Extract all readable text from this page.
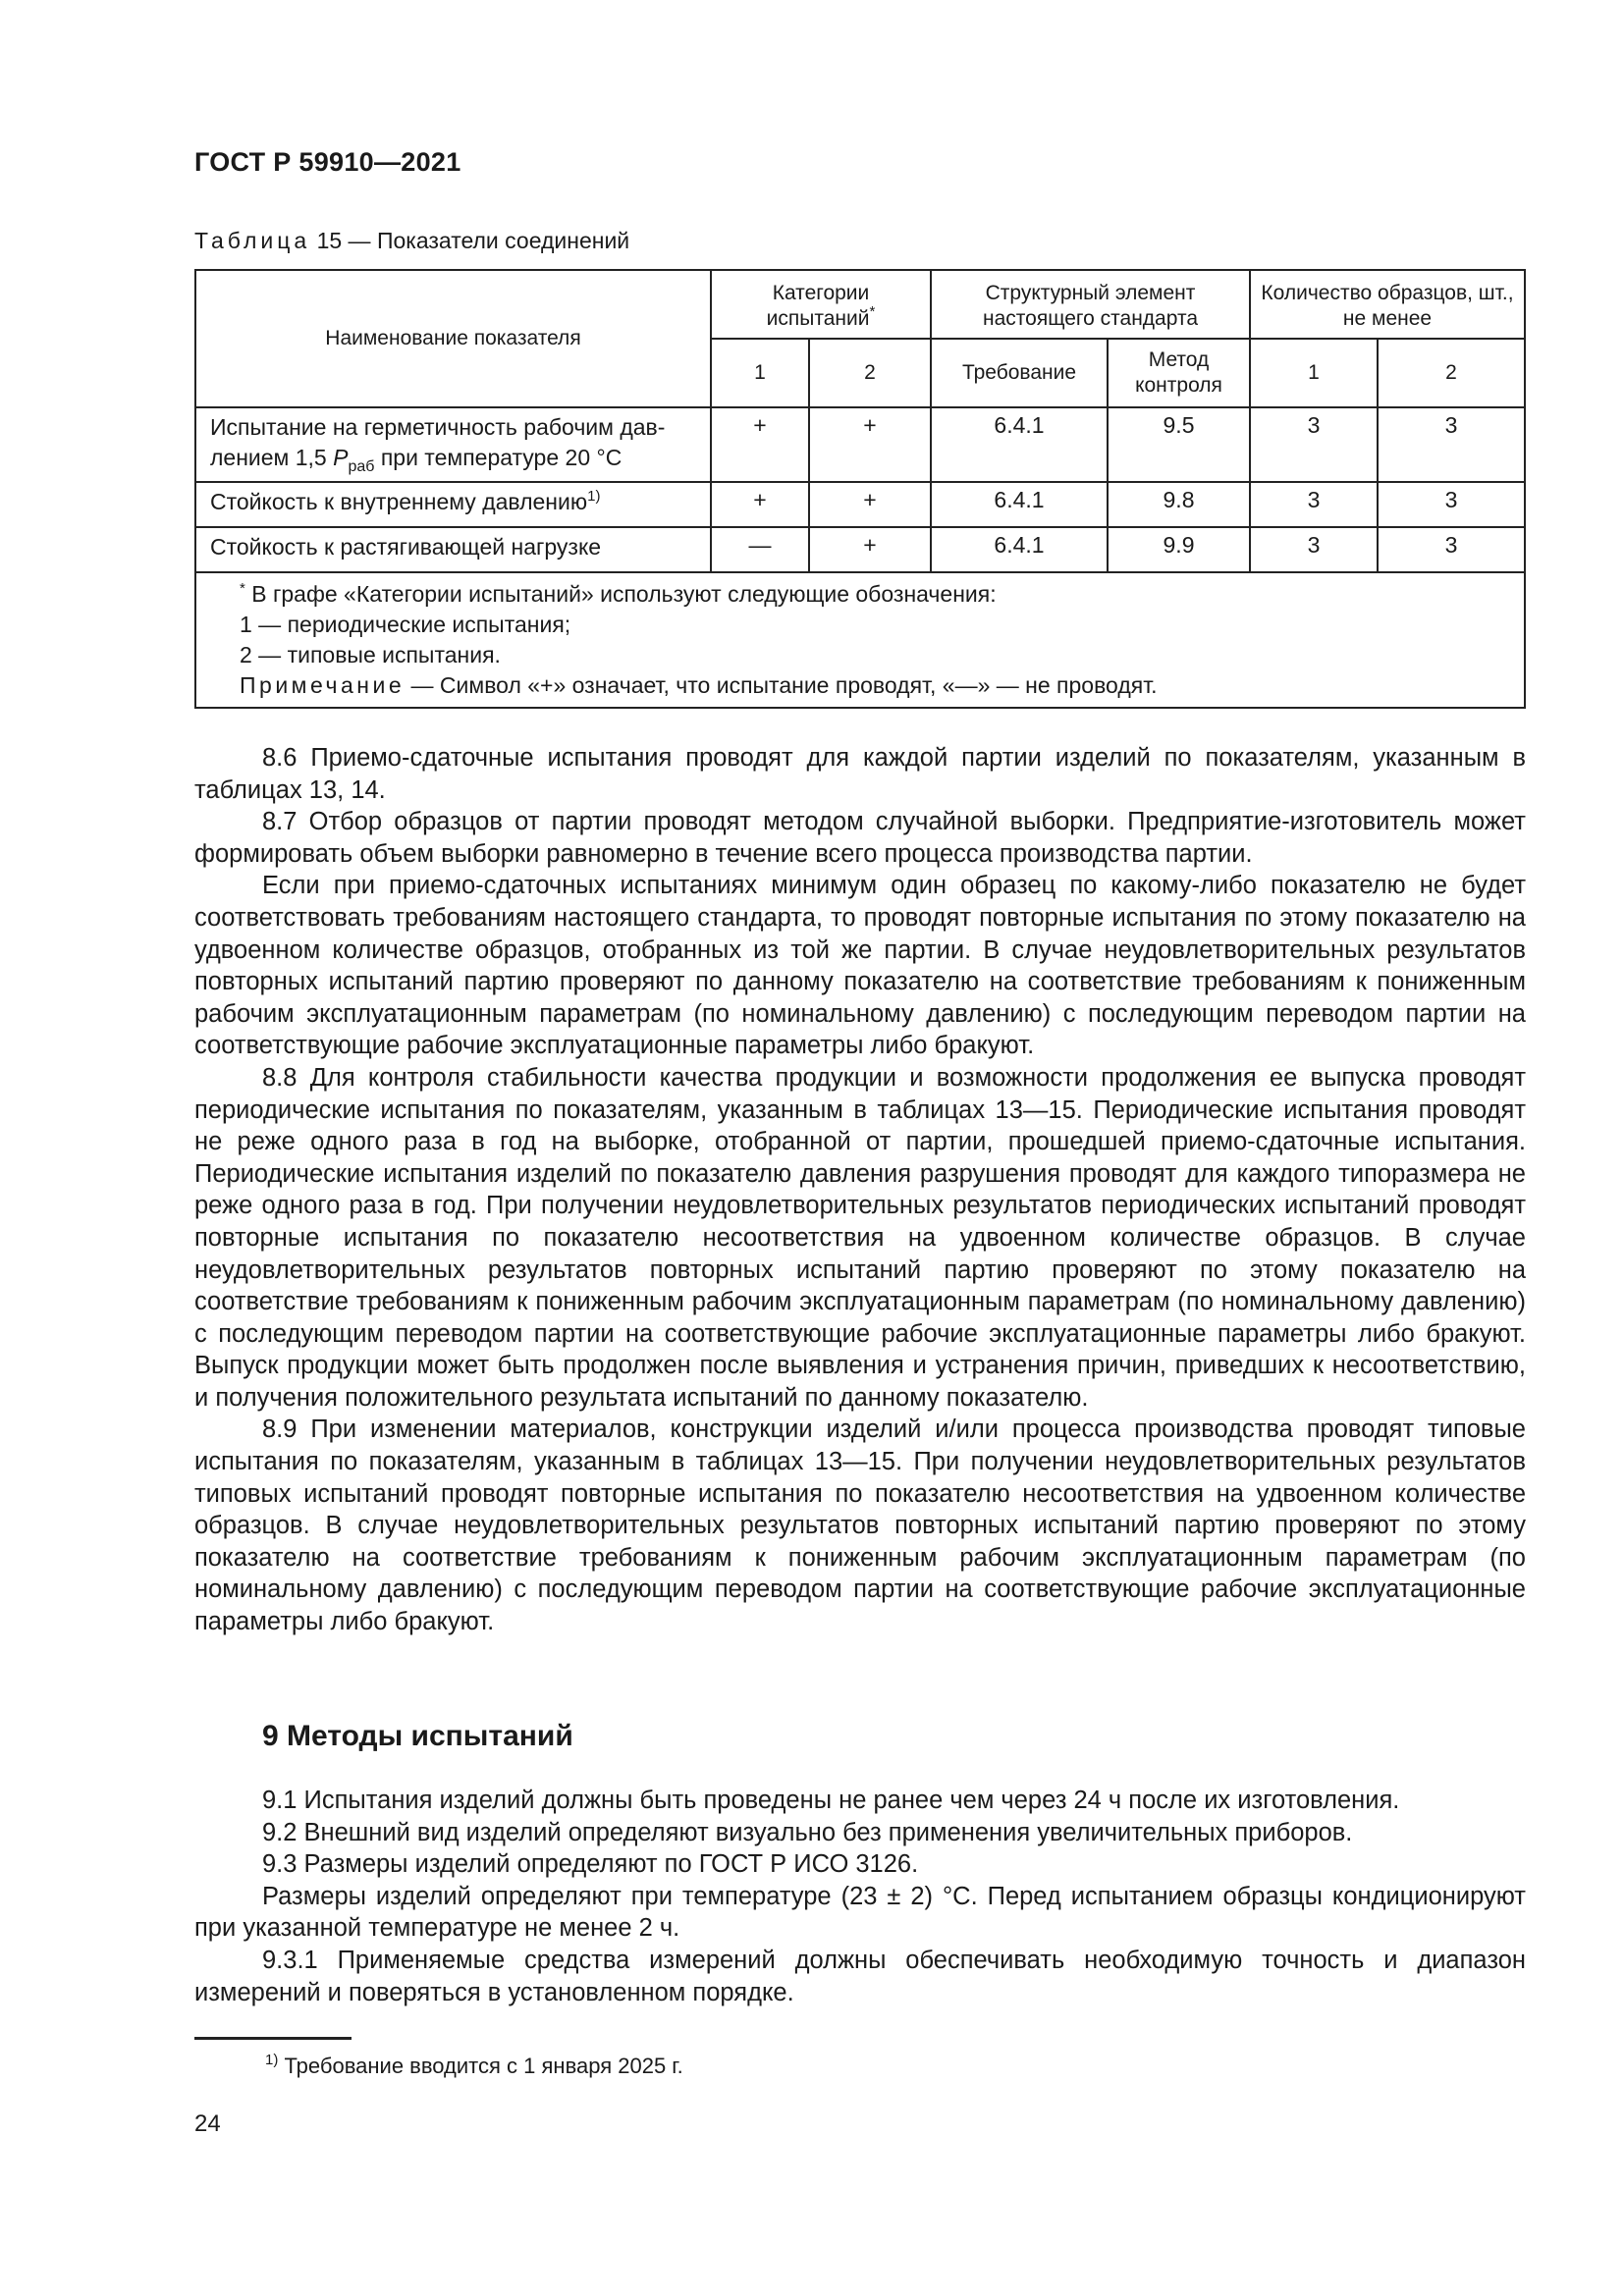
ГОСТ Р 59910—2021
Таблица 15 — Показатели соединений
Наименование показателя	Категории испытаний*		Структурный элемент настоящего стандарта		Количество образцов, шт., не менее	
	1	2	Требование	Метод контроля	1	2
Испытание на герметичность рабочим дав-
лением 1,5 $P_{раб}$ при температуре 20 °С	+	+	6.4.1	9.5	3	3
Стойкость к внутреннему давлению$^{1)}$	+	+	6.4.1	9.8	3	3
Стойкость к растягивающей нагрузке	—	+	6.4.1	9.9	3	3

* В графе «Категории испытаний» используют следующие обозначения:
1 — периодические испытания;
2 — типовые испытания.
Примечание — Символ «+» означает, что испытание проводят, «—» — не проводят.						

8.6 Приемо-сдаточные испытания проводят для каждой партии изделий по показателям, указанным в таблицах 13, 14.

8.7 Отбор образцов от партии проводят методом случайной выборки. Предприятие-изготовитель может формировать объем выборки равномерно в течение всего процесса производства партии.

Если при приемо-сдаточных испытаниях минимум один образец по какому-либо показателю не будет соответствовать требованиям настоящего стандарта, то проводят повторные испытания по этому показателю на удвоенном количестве образцов, отобранных из той же партии. В случае неудовлетворительных результатов повторных испытаний партию проверяют по данному показателю на соответствие требованиям к пониженным рабочим эксплуатационным параметрам (по номинальному давлению) с последующим переводом партии на соответствующие рабочие эксплуатационные параметры либо бракуют.

8.8 Для контроля стабильности качества продукции и возможности продолжения ее выпуска проводят периодические испытания по показателям, указанным в таблицах 13—15. Периодические испытания проводят не реже одного раза в год на выборке, отобранной от партии, прошедшей приемо-сдаточные испытания. Периодические испытания изделий по показателю давления разрушения проводят для каждого типоразмера не реже одного раза в год. При получении неудовлетворительных результатов периодических испытаний проводят повторные испытания по показателю несоответствия на удвоенном количестве образцов. В случае неудовлетворительных результатов повторных испытаний партию проверяют по этому показателю на соответствие требованиям к пониженным рабочим эксплуатационным параметрам (по номинальному давлению) с последующим переводом партии на соответствующие рабочие эксплуатационные параметры либо бракуют. Выпуск продукции может быть продолжен после выявления и устранения причин, приведших к несоответствию, и получения положительного результата испытаний по данному показателю.

8.9 При изменении материалов, конструкции изделий и/или процесса производства проводят типовые испытания по показателям, указанным в таблицах 13—15. При получении неудовлетворительных результатов типовых испытаний проводят повторные испытания по показателю несоответствия на удвоенном количестве образцов. В случае неудовлетворительных результатов повторных испытаний партию проверяют по этому показателю на соответствие требованиям к пониженным рабочим эксплуатационным параметрам (по номинальному давлению) с последующим переводом партии на соответствующие рабочие эксплуатационные параметры либо бракуют.

9 Методы испытаний

9.1 Испытания изделий должны быть проведены не ранее чем через 24 ч после их изготовления.

9.2 Внешний вид изделий определяют визуально без применения увеличительных приборов.

9.3 Размеры изделий определяют по ГОСТ Р ИСО 3126.

Размеры изделий определяют при температуре (23 ± 2) °С. Перед испытанием образцы кондиционируют при указанной температуре не менее 2 ч.

9.3.1 Применяемые средства измерений должны обеспечивать необходимую точность и диапазон измерений и поверяться в установленном порядке.

$^{1)}$ Требование вводится с 1 января 2025 г.
24
